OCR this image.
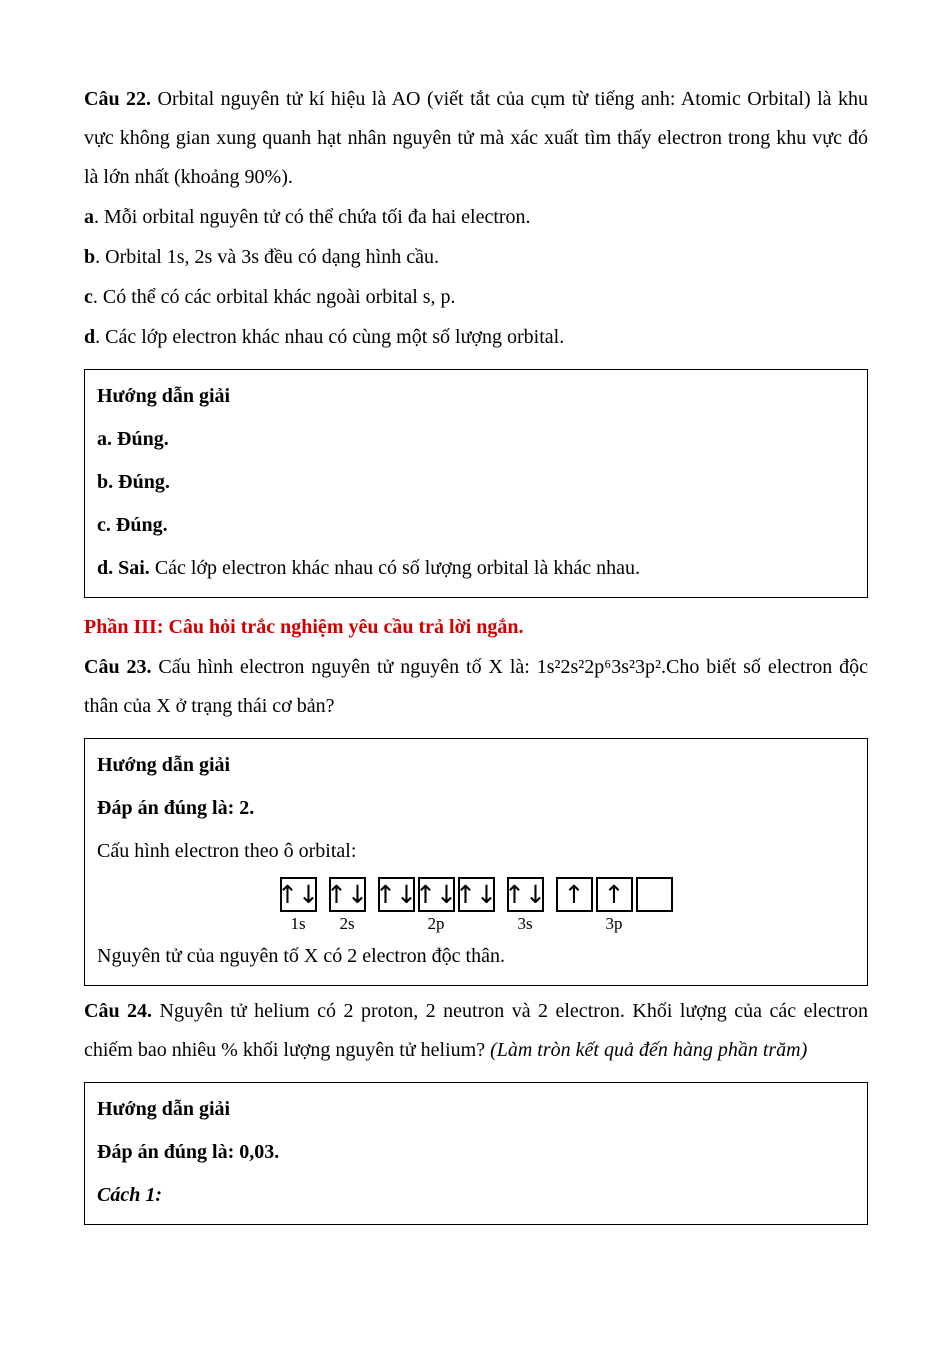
Câu 22. Orbital nguyên tử kí hiệu là AO (viết tắt của cụm từ tiếng anh: Atomic Orbital) là khu vực không gian xung quanh hạt nhân nguyên tử mà xác xuất tìm thấy electron trong khu vực đó là lớn nhất (khoảng 90%).

a. Mỗi orbital nguyên tử có thể chứa tối đa hai electron.

b. Orbital 1s, 2s và 3s đều có dạng hình cầu.

c. Có thể có các orbital khác ngoài orbital s, p.

d. Các lớp electron khác nhau có cùng một số lượng orbital.

Hướng dẫn giải

a. Đúng.

b. Đúng.

c. Đúng.

d. Sai. Các lớp electron khác nhau có số lượng orbital là khác nhau.

Phần III: Câu hỏi trắc nghiệm yêu cầu trả lời ngắn.

Câu 23. Cấu hình electron nguyên tử nguyên tố X là: 1s²2s²2p⁶3s²3p².Cho biết số electron độc thân của X ở trạng thái cơ bản?

Hướng dẫn giải

Đáp án đúng là: 2.

Cấu hình electron theo ô orbital:

↑↓
1s
↑↓
2s
↑↓
↑↓
↑↓
2p
↑↓
3s
↑ ↑
3p

Nguyên tử của nguyên tố X có 2 electron độc thân.

Câu 24. Nguyên tử helium có 2 proton, 2 neutron và 2 electron. Khối lượng của các electron chiếm bao nhiêu % khối lượng nguyên tử helium? (Làm tròn kết quả đến hàng phần trăm)

Hướng dẫn giải

Đáp án đúng là: 0,03.

Cách 1:
